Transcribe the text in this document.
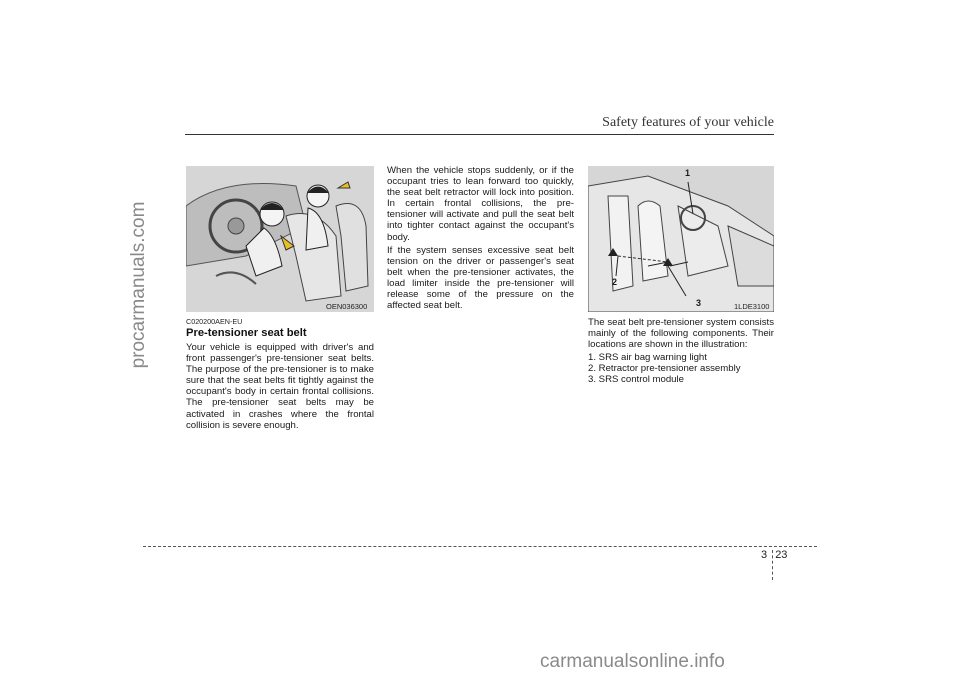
procarmanuals.com
Safety features of your vehicle
OEN036300
1
2
3	1LDE3100
C020200AEN-EU
Pre-tensioner seat belt

Your vehicle is equipped with driver's and front passenger's pre-tensioner seat belts. The purpose of the pre-tensioner is to make sure that the seat belts fit tightly against the occupant's body in certain frontal collisions. The pre-tensioner seat belts may be activated in crashes where the frontal collision is severe enough.

When the vehicle stops suddenly, or if the occupant tries to lean forward too quickly, the seat belt retractor will lock into position. In certain frontal collisions, the pre-tensioner will activate and pull the seat belt into tighter contact against the occupant's body.

If the system senses excessive seat belt tension on the driver or passenger's seat belt when the pre-tensioner activates, the load limiter inside the pre-tensioner will release some of the pressure on the affected seat belt.

The seat belt pre-tensioner system consists mainly of the following components. Their locations are shown in the illustration:

1. SRS air bag warning light
2. Retractor pre-tensioner assembly
3. SRS control module
3 23
carmanualsonline.info
